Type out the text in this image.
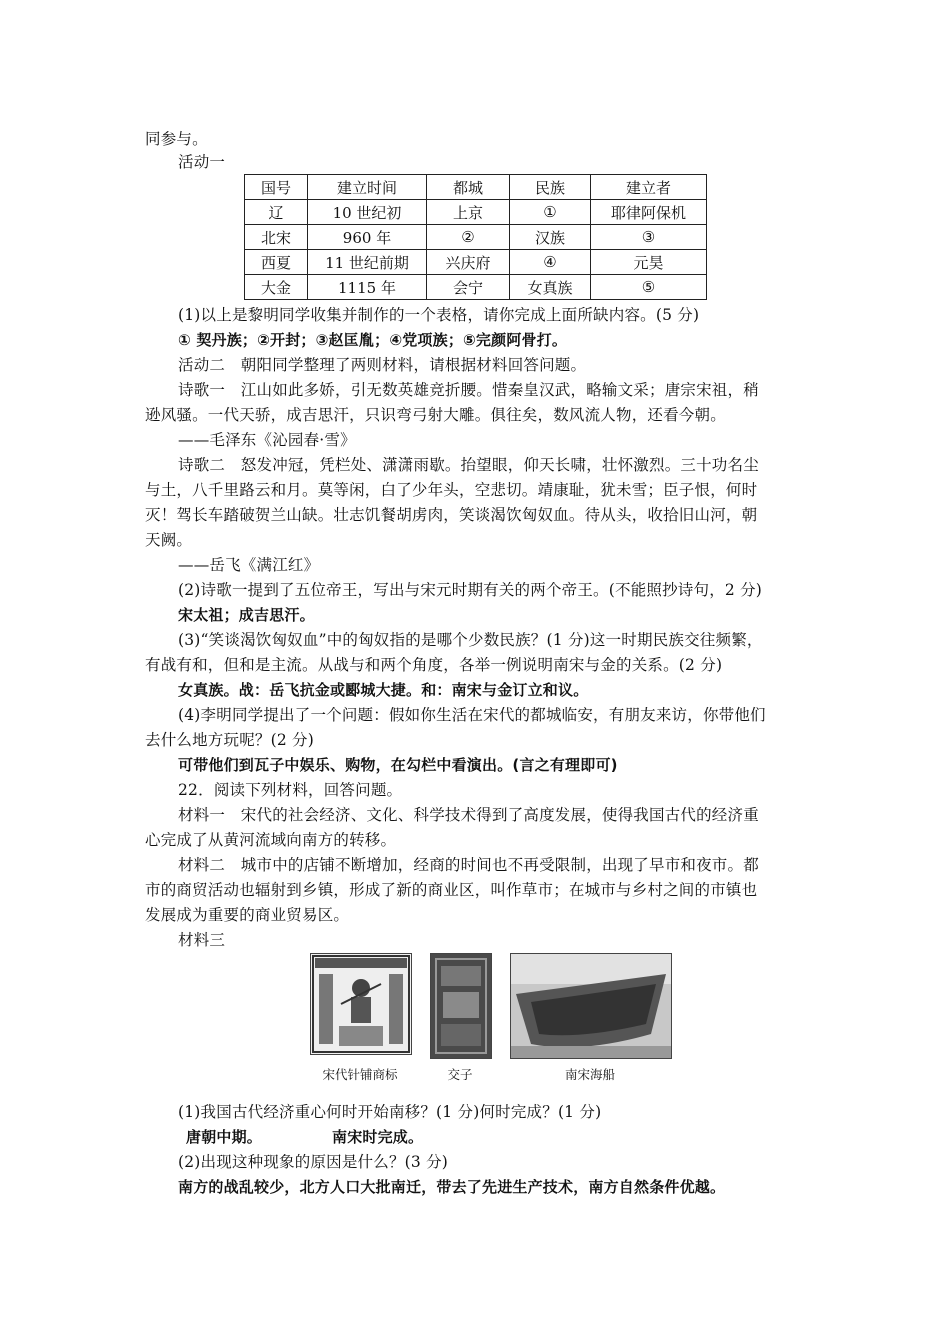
同参与。
活动一
国号	建立时间	都城	民族	建立者
辽	10 世纪初	上京	①	耶律阿保机
北宋	960 年	②	汉族	③
西夏	11 世纪前期	兴庆府	④	元昊
大金	1115 年	会宁	女真族	⑤
(1)以上是黎明同学收集并制作的一个表格，请你完成上面所缺内容。(5 分)
① 契丹族；②开封；③赵匡胤；④党项族；⑤完颜阿骨打。
活动二　朝阳同学整理了两则材料，请根据材料回答问题。
诗歌一　江山如此多娇，引无数英雄竞折腰。惜秦皇汉武，略输文采；唐宗宋祖，稍
逊风骚。一代天骄，成吉思汗，只识弯弓射大雕。俱往矣，数风流人物，还看今朝。
——毛泽东《沁园春·雪》
诗歌二　怒发冲冠，凭栏处、潇潇雨歇。抬望眼，仰天长啸，壮怀激烈。三十功名尘
与土，八千里路云和月。莫等闲，白了少年头，空悲切。靖康耻，犹未雪；臣子恨，何时
灭！驾长车踏破贺兰山缺。壮志饥餐胡虏肉，笑谈渴饮匈奴血。待从头，收拾旧山河，朝
天阙。
——岳飞《满江红》
(2)诗歌一提到了五位帝王，写出与宋元时期有关的两个帝王。(不能照抄诗句，2 分)
宋太祖；成吉思汗。
(3)“笑谈渴饮匈奴血”中的匈奴指的是哪个少数民族？(1 分)这一时期民族交往频繁，
有战有和，但和是主流。从战与和两个角度，各举一例说明南宋与金的关系。(2 分)
女真族。战：岳飞抗金或郾城大捷。和：南宋与金订立和议。
(4)李明同学提出了一个问题：假如你生活在宋代的都城临安，有朋友来访，你带他们
去什么地方玩呢？(2 分)
可带他们到瓦子中娱乐、购物，在勾栏中看演出。(言之有理即可)
22．阅读下列材料，回答问题。
材料一　宋代的社会经济、文化、科学技术得到了高度发展，使得我国古代的经济重
心完成了从黄河流域向南方的转移。
材料二　城市中的店铺不断增加，经商的时间也不再受限制，出现了早市和夜市。都
市的商贸活动也辐射到乡镇，形成了新的商业区，叫作草市；在城市与乡村之间的市镇也
发展成为重要的商业贸易区。
材料三
宋代针铺商标	交子	南宋海船
(1)我国古代经济重心何时开始南移？(1 分)何时完成？(1 分)
唐朝中期。	南宋时完成。
(2)出现这种现象的原因是什么？(3 分)
南方的战乱较少，北方人口大批南迁，带去了先进生产技术，南方自然条件优越。
